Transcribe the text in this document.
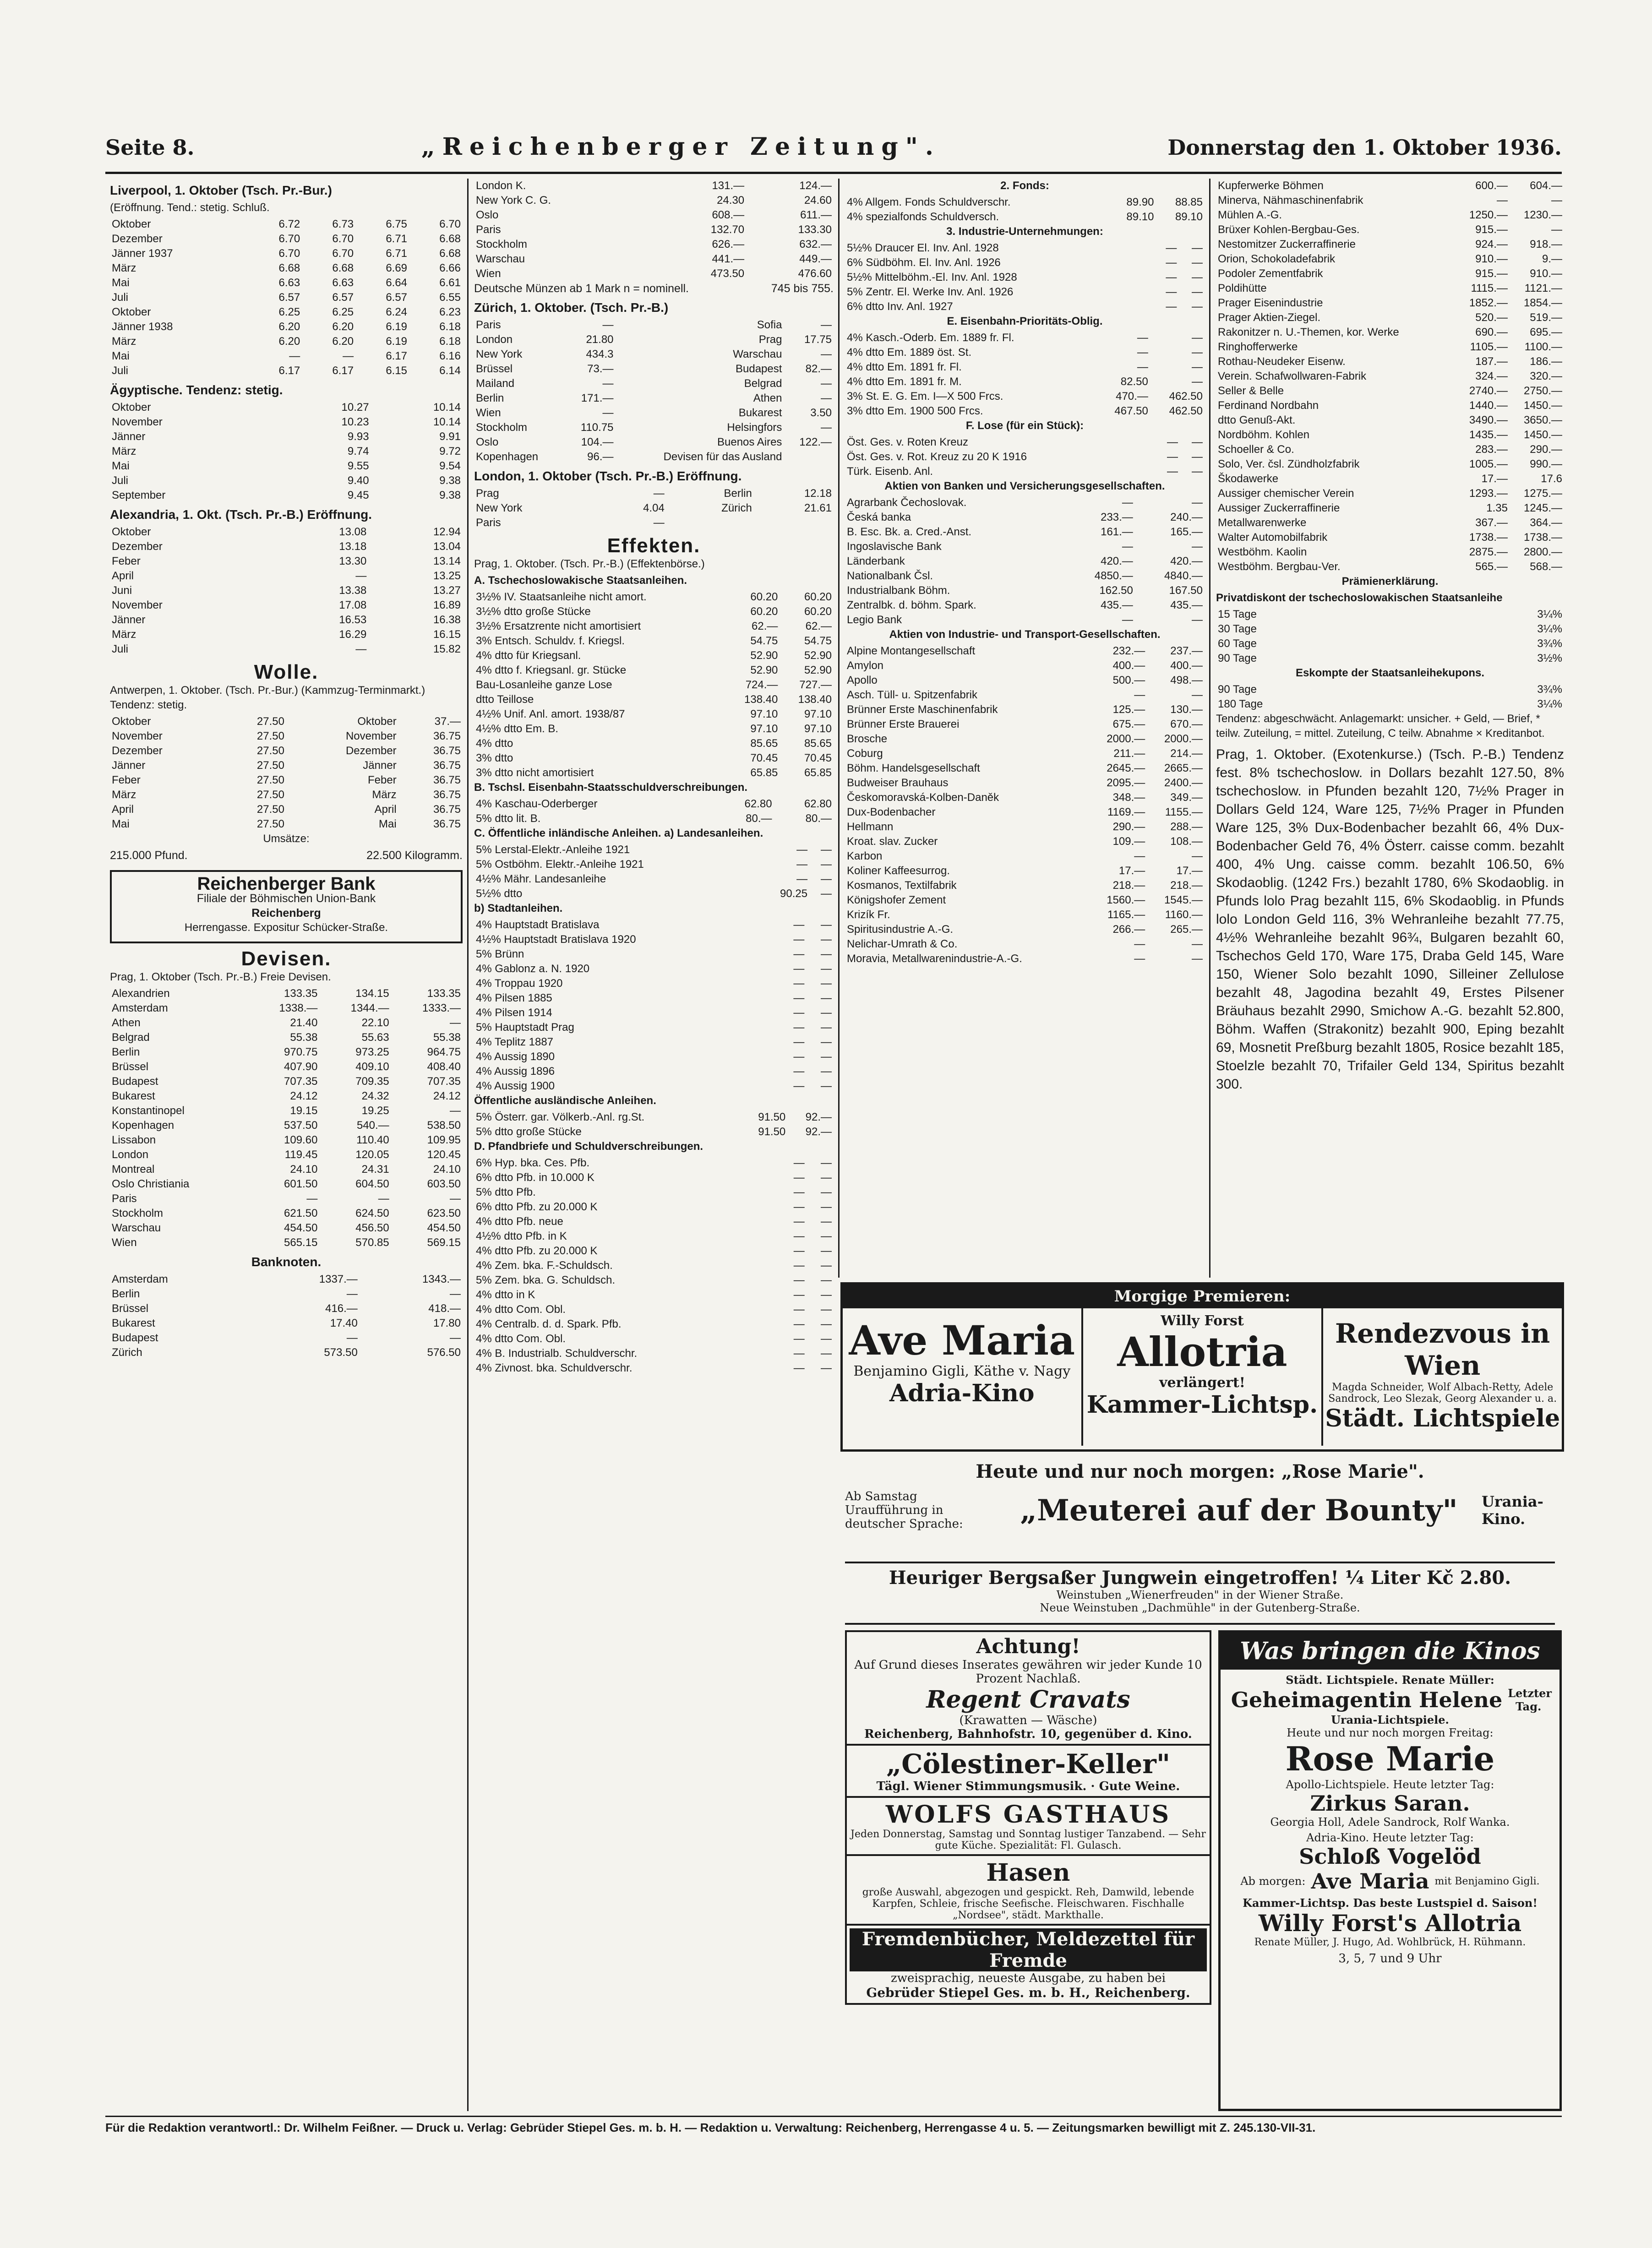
Seite 8.	„Reichenberger Zeitung".	Donnerstag den 1. Oktober 1936.
Liverpool, 1. Oktober (Tsch. Pr.-Bur.)
(Eröffnung. Tend.: stetig. Schluß.
Oktober	6.72	6.73	6.75	6.70
Dezember	6.70	6.70	6.71	6.68
Jänner 1937	6.70	6.70	6.71	6.68
März	6.68	6.68	6.69	6.66
Mai	6.63	6.63	6.64	6.61
Juli	6.57	6.57	6.57	6.55
Oktober	6.25	6.25	6.24	6.23
Jänner 1938	6.20	6.20	6.19	6.18
März	6.20	6.20	6.19	6.18
Mai	—	—	6.17	6.16
Juli	6.17	6.17	6.15	6.14
Ägyptische. Tendenz: stetig.
Oktober	10.27	10.14
November	10.23	10.14
Jänner	9.93	9.91
März	9.74	9.72
Mai	9.55	9.54
Juli	9.40	9.38
September	9.45	9.38
Alexandria, 1. Okt. (Tsch. Pr.-B.) Eröffnung.
Oktober	13.08	12.94
Dezember	13.18	13.04
Feber	13.30	13.14
April	—	13.25
Juni	13.38	13.27
November	17.08	16.89
Jänner	16.53	16.38
März	16.29	16.15
Juli	—	15.82
Wolle.
Antwerpen, 1. Oktober. (Tsch. Pr.-Bur.) (Kammzug-Terminmarkt.) Tendenz: stetig.
Oktober	27.50	Oktober	37.—
November	27.50	November	36.75
Dezember	27.50	Dezember	36.75
Jänner	27.50	Jänner	36.75
Feber	27.50	Feber	36.75
März	27.50	März	36.75
April	27.50	April	36.75
Mai	27.50	Mai	36.75
Umsätze:
215.000 Pfund.	22.500 Kilogramm.
Reichenberger Bank
Filiale der Böhmischen Union-Bank
Reichenberg
Herrengasse. Expositur Schücker-Straße.
Devisen.
Prag, 1. Oktober (Tsch. Pr.-B.) Freie Devisen.
Alexandrien	133.35	134.15	133.35
Amsterdam	1338.—	1344.—	1333.—
Athen	21.40	22.10	—
Belgrad	55.38	55.63	55.38
Berlin	970.75	973.25	964.75
Brüssel	407.90	409.10	408.40
Budapest	707.35	709.35	707.35
Bukarest	24.12	24.32	24.12
Konstantinopel	19.15	19.25	—
Kopenhagen	537.50	540.—	538.50
Lissabon	109.60	110.40	109.95
London	119.45	120.05	120.45
Montreal	24.10	24.31	24.10
Oslo Christiania	601.50	604.50	603.50
Paris	—	—	—
Stockholm	621.50	624.50	623.50
Warschau	454.50	456.50	454.50
Wien	565.15	570.85	569.15
Banknoten.
Amsterdam	1337.—	1343.—
Berlin	—	—
Brüssel	416.—	418.—
Bukarest	17.40	17.80
Budapest	—	—
Zürich	573.50	576.50
London K.	131.—	124.—
New York C. G.	24.30	24.60
Oslo	608.—	611.—
Paris	132.70	133.30
Stockholm	626.—	632.—
Warschau	441.—	449.—
Wien	473.50	476.60
Deutsche Münzen ab 1 Mark n = nominell.	745 bis 755.
Zürich, 1. Oktober. (Tsch. Pr.-B.)
Paris	—	Sofia	—
London	21.80	Prag	17.75
New York	434.3	Warschau	—
Brüssel	73.—	Budapest	82.—
Mailand	—	Belgrad	—
Berlin	171.—	Athen	—
Wien	—	Bukarest	3.50
Stockholm	110.75	Helsingfors	—
Oslo	104.—	Buenos Aires	122.—
Kopenhagen	96.—	Devisen für das Ausland	
London, 1. Oktober (Tsch. Pr.-B.) Eröffnung.
Prag	—	Berlin	12.18
New York	4.04	Zürich	21.61
Paris	—		
Effekten.
Prag, 1. Oktober. (Tsch. Pr.-B.) (Effektenbörse.)
A. Tschechoslowakische Staatsanleihen.
3½% IV. Staatsanleihe nicht amort.	60.20	60.20
3½% dtto große Stücke	60.20	60.20
3½% Ersatzrente nicht amortisiert	62.—	62.—
3% Entsch. Schuldv. f. Kriegsl.	54.75	54.75
4% dtto für Kriegsanl.	52.90	52.90
4% dtto f. Kriegsanl. gr. Stücke	52.90	52.90
Bau-Losanleihe ganze Lose	724.—	727.—
dtto Teillose	138.40	138.40
4½% Unif. Anl. amort. 1938/87	97.10	97.10
4½% dtto Em. B.	97.10	97.10
4% dtto	85.65	85.65
3% dtto	70.45	70.45
3% dtto nicht amortisiert	65.85	65.85
B. Tschsl. Eisenbahn-Staatsschuldverschreibungen.
4% Kaschau-Oderberger	62.80	62.80
5% dtto lit. B.	80.—	80.—
C. Öffentliche inländische Anleihen. a) Landesanleihen.
5% Lerstal-Elektr.-Anleihe 1921	—	—
5% Ostböhm. Elektr.-Anleihe 1921	—	—
4½% Mähr. Landesanleihe	—	—
5½% dtto	90.25	—
b) Stadtanleihen.
4% Hauptstadt Bratislava	—	—
4½% Hauptstadt Bratislava 1920	—	—
5% Brünn	—	—
4% Gablonz a. N. 1920	—	—
4% Troppau 1920	—	—
4% Pilsen 1885	—	—
4% Pilsen 1914	—	—
5% Hauptstadt Prag	—	—
4% Teplitz 1887	—	—
4% Aussig 1890	—	—
4% Aussig 1896	—	—
4% Aussig 1900	—	—
Öffentliche ausländische Anleihen.
5% Österr. gar. Völkerb.-Anl. rg.St.	91.50	92.—
5% dtto große Stücke	91.50	92.—
D. Pfandbriefe und Schuldverschreibungen.
6% Hyp. bka. Ces. Pfb.	—	—
6% dtto Pfb. in 10.000 K	—	—
5% dtto Pfb.	—	—
6% dtto Pfb. zu 20.000 K	—	—
4% dtto Pfb. neue	—	—
4½% dtto Pfb. in K	—	—
4% dtto Pfb. zu 20.000 K	—	—
4% Zem. bka. F.-Schuldsch.	—	—
5% Zem. bka. G. Schuldsch.	—	—
4% dtto in K	—	—
4% dtto Com. Obl.	—	—
4% Centralb. d. d. Spark. Pfb.	—	—
4% dtto Com. Obl.	—	—
4% B. Industrialb. Schuldverschr.	—	—
4% Zivnost. bka. Schuldverschr.	—	—
2. Fonds:
4% Allgem. Fonds Schuldverschr.	89.90	88.85
4% spezialfonds Schuldversch.	89.10	89.10
3. Industrie-Unternehmungen:
5½% Draucer El. Inv. Anl. 1928	—	—
6% Südböhm. El. Inv. Anl. 1926	—	—
5½% Mittelböhm.-El. Inv. Anl. 1928	—	—
5% Zentr. El. Werke Inv. Anl. 1926	—	—
6% dtto Inv. Anl. 1927	—	—
E. Eisenbahn-Prioritäts-Oblig.
4% Kasch.-Oderb. Em. 1889 fr. Fl.	—	—
4% dtto Em. 1889 öst. St.	—	—
4% dtto Em. 1891 fr. Fl.	—	—
4% dtto Em. 1891 fr. M.	82.50	—
3% St. E. G. Em. I—X 500 Frcs.	470.—	462.50
3% dtto Em. 1900 500 Frcs.	467.50	462.50
F. Lose (für ein Stück):
Öst. Ges. v. Roten Kreuz	—	—
Öst. Ges. v. Rot. Kreuz zu 20 K 1916	—	—
Türk. Eisenb. Anl.	—	—
Aktien von Banken und Versicherungsgesellschaften.
Agrarbank Čechoslovak.	—	—
Česká banka	233.—	240.—
B. Esc. Bk. a. Cred.-Anst.	161.—	165.—
Ingoslavische Bank	—	—
Länderbank	420.—	420.—
Nationalbank Čsl.	4850.—	4840.—
Industrialbank Böhm.	162.50	167.50
Zentralbk. d. böhm. Spark.	435.—	435.—
Legio Bank	—	—
Aktien von Industrie- und Transport-Gesellschaften.
Alpine Montangesellschaft	232.—	237.—
Amylon	400.—	400.—
Apollo	500.—	498.—
Asch. Tüll- u. Spitzenfabrik	—	—
Brünner Erste Maschinenfabrik	125.—	130.—
Brünner Erste Brauerei	675.—	670.—
Brosche	2000.—	2000.—
Coburg	211.—	214.—
Böhm. Handelsgesellschaft	2645.—	2665.—
Budweiser Brauhaus	2095.—	2400.—
Českomoravská-Kolben-Daněk	348.—	349.—
Dux-Bodenbacher	1169.—	1155.—
Hellmann	290.—	288.—
Kroat. slav. Zucker	109.—	108.—
Karbon	—	—
Koliner Kaffeesurrog.	17.—	17.—
Kosmanos, Textilfabrik	218.—	218.—
Königshofer Zement	1560.—	1545.—
Krizík Fr.	1165.—	1160.—
Spiritusindustrie A.-G.	266.—	265.—
Nelichar-Umrath & Co.	—	—
Moravia, Metallwarenindustrie-A.-G.	—	—
Kupferwerke Böhmen	600.—	604.—
Minerva, Nähmaschinenfabrik	—	—
Mühlen A.-G.	1250.—	1230.—
Brüxer Kohlen-Bergbau-Ges.	915.—	—
Nestomitzer Zuckerraffinerie	924.—	918.—
Orion, Schokoladefabrik	910.—	9.—
Podoler Zementfabrik	915.—	910.—
Poldihütte	1115.—	1121.—
Prager Eisenindustrie	1852.—	1854.—
Prager Aktien-Ziegel.	520.—	519.—
Rakonitzer n. U.-Themen, kor. Werke	690.—	695.—
Ringhofferwerke	1105.—	1100.—
Rothau-Neudeker Eisenw.	187.—	186.—
Verein. Schafwollwaren-Fabrik	324.—	320.—
Seller & Belle	2740.—	2750.—
Ferdinand Nordbahn	1440.—	1450.—
dtto Genuß-Akt.	3490.—	3650.—
Nordböhm. Kohlen	1435.—	1450.—
Schoeller & Co.	283.—	290.—
Solo, Ver. čsl. Zündholzfabrik	1005.—	990.—
Škodawerke	17.—	17.6
Aussiger chemischer Verein	1293.—	1275.—
Aussiger Zuckerraffinerie	1.35	1245.—
Metallwarenwerke	367.—	364.—
Walter Automobilfabrik	1738.—	1738.—
Westböhm. Kaolin	2875.—	2800.—
Westböhm. Bergbau-Ver.	565.—	568.—
Prämienerklärung.
Privatdiskont der tschechoslowakischen Staatsanleihe
15 Tage	3¼%
30 Tage	3¼%
60 Tage	3¾%
90 Tage	3½%
Eskompte der Staatsanleihekupons.
90 Tage	3¾%
180 Tage	3¼%
Tendenz: abgeschwächt. Anlagemarkt: unsicher. + Geld, — Brief, * teilw. Zuteilung, = mittel. Zuteilung, C teilw. Abnahme × Kreditanbot.
Prag, 1. Oktober. (Exotenkurse.) (Tsch. P.-B.) Tendenz fest. 8% tschechoslow. in Dollars bezahlt 127.50, 8% tschechoslow. in Pfunden bezahlt 120, 7½% Prager in Dollars Geld 124, Ware 125, 7½% Prager in Pfunden Ware 125, 3% Dux-Bodenbacher bezahlt 66, 4% Dux-Bodenbacher Geld 76, 4% Österr. caisse comm. bezahlt 400, 4% Ung. caisse comm. bezahlt 106.50, 6% Skodaoblig. (1242 Frs.) bezahlt 1780, 6% Skodaoblig. in Pfunds lolo Prag bezahlt 115, 6% Skodaoblig. in Pfunds lolo London Geld 116, 3% Wehranleihe bezahlt 77.75, 4½% Wehranleihe bezahlt 96¾, Bulgaren bezahlt 60, Tschechos Geld 170, Ware 175, Draba Geld 145, Ware 150, Wiener Solo bezahlt 1090, Silleiner Zellulose bezahlt 48, Jagodina bezahlt 49, Erstes Pilsener Bräuhaus bezahlt 2990, Smichow A.-G. bezahlt 52.800, Böhm. Waffen (Strakonitz) bezahlt 900, Eping bezahlt 69, Mosnetit Preßburg bezahlt 1805, Rosice bezahlt 185, Stoelzle bezahlt 70, Trifailer Geld 134, Spiritus bezahlt 300.
Morgige Premieren:
Ave Maria
Benjamino Gigli, Käthe v. Nagy
Adria-Kino
Willy Forst
Allotria
verlängert!
Kammer-Lichtsp.
Rendezvous in Wien
Magda Schneider, Wolf Albach-Retty, Adele Sandrock, Leo Slezak, Georg Alexander u. a.
Städt. Lichtspiele
Heute und nur noch morgen: „Rose Marie".
Ab Samstag Uraufführung in deutscher Sprache:	„Meuterei auf der Bounty"	Urania-Kino.
Heuriger Bergsaßer Jungwein eingetroffen! ¼ Liter Kč 2.80.
Weinstuben „Wienerfreuden" in der Wiener Straße.
Neue Weinstuben „Dachmühle" in der Gutenberg-Straße.
Achtung!
Auf Grund dieses Inserates gewähren wir jeder Kunde 10 Prozent Nachlaß.
Regent Cravats
(Krawatten — Wäsche)
Reichenberg, Bahnhofstr. 10, gegenüber d. Kino.
„Cölestiner-Keller"
Tägl. Wiener Stimmungsmusik. · Gute Weine.
WOLFS GASTHAUS
Jeden Donnerstag, Samstag und Sonntag lustiger Tanzabend. — Sehr gute Küche. Spezialität: Fl. Gulasch.
Hasen
große Auswahl, abgezogen und gespickt. Reh, Damwild, lebende Karpfen, Schleie, frische Seefische. Fleischwaren. Fischhalle „Nordsee", städt. Markthalle.
Fremdenbücher, Meldezettel für Fremde
zweisprachig, neueste Ausgabe, zu haben bei
Gebrüder Stiepel Ges. m. b. H., Reichenberg.
Was bringen die Kinos
Städt. Lichtspiele. Renate Müller:
Geheimagentin Helene Letzter Tag.
Urania-Lichtspiele.
Heute und nur noch morgen Freitag:
Rose Marie
Apollo-Lichtspiele. Heute letzter Tag:
Zirkus Saran.
Georgia Holl, Adele Sandrock, Rolf Wanka.
Adria-Kino. Heute letzter Tag:
Schloß Vogelöd
Ab morgen: Ave Maria mit Benjamino Gigli.
Kammer-Lichtsp. Das beste Lustspiel d. Saison!
Willy Forst's Allotria
Renate Müller, J. Hugo, Ad. Wohlbrück, H. Rühmann.
3, 5, 7 und 9 Uhr
Für die Redaktion verantwortl.: Dr. Wilhelm Feißner. — Druck u. Verlag: Gebrüder Stiepel Ges. m. b. H. — Redaktion u. Verwaltung: Reichenberg, Herrengasse 4 u. 5. — Zeitungsmarken bewilligt mit Z. 245.130-VII-31.
